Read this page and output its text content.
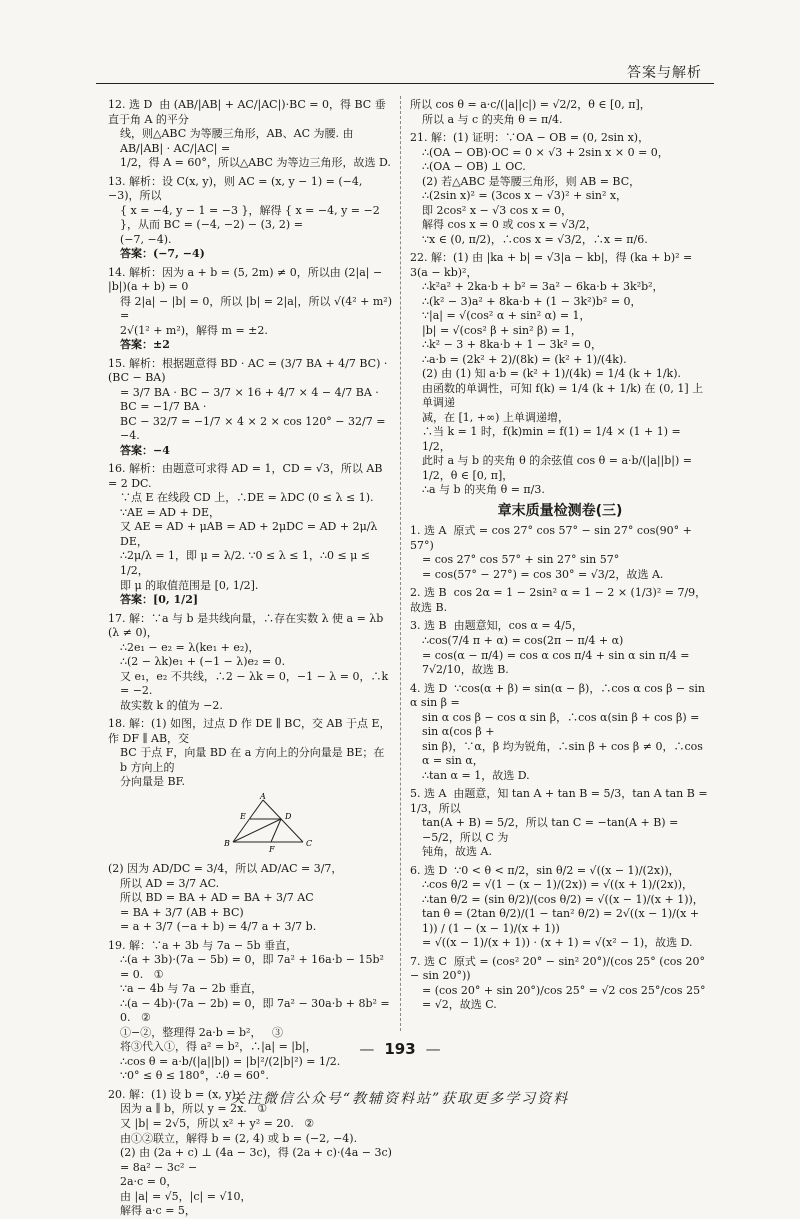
答案与解析
12. 选 D  由 (AB/|AB| + AC/|AC|)·BC = 0，得 BC 垂直于角 A 的平分
线，则△ABC 为等腰三角形，AB、AC 为腰. 由 AB/|AB| · AC/|AC| =
1/2，得 A = 60°，所以△ABC 为等边三角形，故选 D.
13. 解析：设 C(x, y)，则 AC = (x, y − 1) = (−4, −3)，所以
{ x = −4, y − 1 = −3 }，解得 { x = −4, y = −2 }，从而 BC = (−4, −2) − (3, 2) =
(−7, −4).
答案：(−7, −4)
14. 解析：因为 a + b = (5, 2m) ≠ 0，所以由 (2|a| − |b|)(a + b) = 0
得 2|a| − |b| = 0，所以 |b| = 2|a|，所以 √(4² + m²) =
2√(1² + m²)，解得 m = ±2.
答案：±2
15. 解析：根据题意得 BD · AC = (3/7 BA + 4/7 BC) · (BC − BA)
= 3/7 BA · BC − 3/7 × 16 + 4/7 × 4 − 4/7 BA · BC = −1/7 BA ·
BC − 32/7 = −1/7 × 4 × 2 × cos 120° − 32/7 = −4.
答案：−4
16. 解析：由题意可求得 AD = 1，CD = √3，所以 AB = 2 DC.
∵点 E 在线段 CD 上，∴DE = λDC (0 ≤ λ ≤ 1).
∵AE = AD + DE，
又 AE = AD + μAB = AD + 2μDC = AD + 2μ/λ DE，
∴2μ/λ = 1，即 μ = λ/2. ∵0 ≤ λ ≤ 1，∴0 ≤ μ ≤ 1/2，
即 μ 的取值范围是 [0, 1/2].
答案：[0, 1/2]
17. 解：∵a 与 b 是共线向量，∴存在实数 λ 使 a = λb (λ ≠ 0)，
∴2e₁ − e₂ = λ(ke₁ + e₂)，
∴(2 − λk)e₁ + (−1 − λ)e₂ = 0.
又 e₁，e₂ 不共线，∴2 − λk = 0，−1 − λ = 0，∴k = −2.
故实数 k 的值为 −2.
18. 解：(1) 如图，过点 D 作 DE ∥ BC，交 AB 于点 E，作 DF ∥ AB，交
BC 于点 F，向量 BD 在 a 方向上的分向量是 BE；在 b 方向上的
分向量是 BF.
A
B	C
D
E
F
(2) 因为 AD/DC = 3/4，所以 AD/AC = 3/7，
所以 AD = 3/7 AC.
所以 BD = BA + AD = BA + 3/7 AC
= BA + 3/7 (AB + BC)
= a + 3/7 (−a + b) = 4/7 a + 3/7 b.
19. 解：∵a + 3b 与 7a − 5b 垂直，
∴(a + 3b)·(7a − 5b) = 0，即 7a² + 16a·b − 15b² = 0.   ①
∵a − 4b 与 7a − 2b 垂直，
∴(a − 4b)·(7a − 2b) = 0，即 7a² − 30a·b + 8b² = 0.   ②
①−②，整理得 2a·b = b²，   ③
将③代入①，得 a² = b²，∴|a| = |b|，
∴cos θ = a·b/(|a||b|) = |b|²/(2|b|²) = 1/2.
∵0° ≤ θ ≤ 180°，∴θ = 60°.
20. 解：(1) 设 b = (x, y)，
因为 a ∥ b，所以 y = 2x.   ①
又 |b| = 2√5，所以 x² + y² = 20.   ②
由①②联立，解得 b = (2, 4) 或 b = (−2, −4).
(2) 由 (2a + c) ⊥ (4a − 3c)，得 (2a + c)·(4a − 3c) = 8a² − 3c² −
2a·c = 0，
由 |a| = √5，|c| = √10，
解得 a·c = 5，
所以 cos θ = a·c/(|a||c|) = √2/2，θ ∈ [0, π]，
所以 a 与 c 的夹角 θ = π/4.
21. 解：(1) 证明：∵OA − OB = (0, 2sin x)，
∴(OA − OB)·OC = 0 × √3 + 2sin x × 0 = 0，
∴(OA − OB) ⊥ OC.
(2) 若△ABC 是等腰三角形，则 AB = BC，
∴(2sin x)² = (3cos x − √3)² + sin² x，
即 2cos² x − √3 cos x = 0，
解得 cos x = 0 或 cos x = √3/2，
∵x ∈ (0, π/2)，∴cos x = √3/2，∴x = π/6.
22. 解：(1) 由 |ka + b| = √3|a − kb|，得 (ka + b)² = 3(a − kb)²，
∴k²a² + 2ka·b + b² = 3a² − 6ka·b + 3k²b²，
∴(k² − 3)a² + 8ka·b + (1 − 3k²)b² = 0，
∵|a| = √(cos² α + sin² α) = 1，
|b| = √(cos² β + sin² β) = 1，
∴k² − 3 + 8ka·b + 1 − 3k² = 0，
∴a·b = (2k² + 2)/(8k) = (k² + 1)/(4k).
(2) 由 (1) 知 a·b = (k² + 1)/(4k) = 1/4 (k + 1/k).
由函数的单调性，可知 f(k) = 1/4 (k + 1/k) 在 (0, 1] 上单调递
减，在 [1, +∞) 上单调递增，
∴当 k = 1 时，f(k)min = f(1) = 1/4 × (1 + 1) = 1/2，
此时 a 与 b 的夹角 θ 的余弦值 cos θ = a·b/(|a||b|) = 1/2，θ ∈ [0, π]，
∴a 与 b 的夹角 θ = π/3.
章末质量检测卷(三)
1. 选 A  原式 = cos 27° cos 57° − sin 27° cos(90° + 57°)
= cos 27° cos 57° + sin 27° sin 57°
= cos(57° − 27°) = cos 30° = √3/2，故选 A.
2. 选 B  cos 2α = 1 − 2sin² α = 1 − 2 × (1/3)² = 7/9，故选 B.
3. 选 B  由题意知，cos α = 4/5，
∴cos(7/4 π + α) = cos(2π − π/4 + α)
= cos(α − π/4) = cos α cos π/4 + sin α sin π/4 = 7√2/10，故选 B.
4. 选 D  ∵cos(α + β) = sin(α − β)，∴cos α cos β − sin α sin β =
sin α cos β − cos α sin β，∴cos α(sin β + cos β) = sin α(cos β +
sin β)，∵α，β 均为锐角，∴sin β + cos β ≠ 0，∴cos α = sin α，
∴tan α = 1，故选 D.
5. 选 A  由题意，知 tan A + tan B = 5/3，tan A tan B = 1/3，所以
tan(A + B) = 5/2，所以 tan C = −tan(A + B) = −5/2，所以 C 为
钝角，故选 A.
6. 选 D  ∵0 < θ < π/2，sin θ/2 = √((x − 1)/(2x))，
∴cos θ/2 = √(1 − (x − 1)/(2x)) = √((x + 1)/(2x))，
∴tan θ/2 = (sin θ/2)/(cos θ/2) = √((x − 1)/(x + 1))，
tan θ = (2tan θ/2)/(1 − tan² θ/2) = 2√((x − 1)/(x + 1)) / (1 − (x − 1)/(x + 1))
= √((x − 1)/(x + 1)) · (x + 1) = √(x² − 1)，故选 D.
7. 选 C  原式 = (cos² 20° − sin² 20°)/(cos 25° (cos 20° − sin 20°))
= (cos 20° + sin 20°)/cos 25° = √2 cos 25°/cos 25° = √2，故选 C.
— 193 —
关注微信公众号“教辅资料站”获取更多学习资料
